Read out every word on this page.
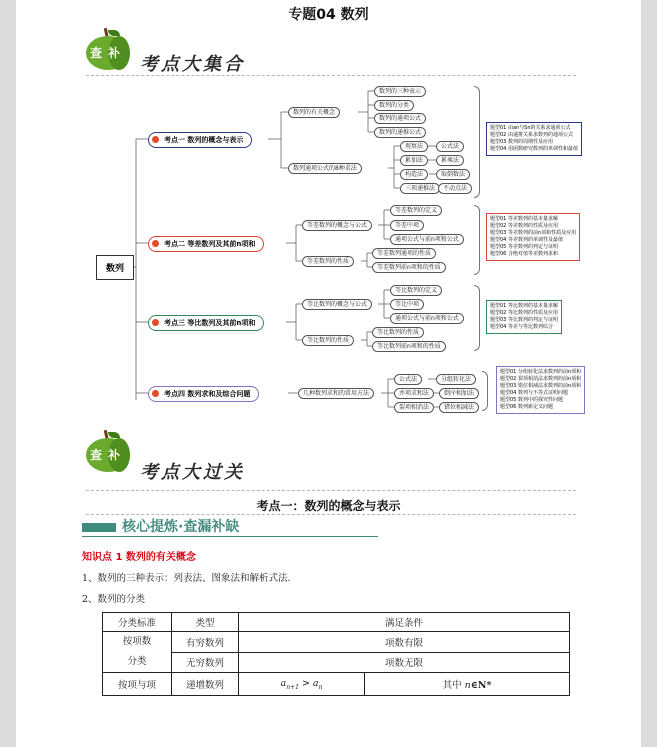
专题04 数列
查补
考点大集合
数列
考点一 数列的概念与表示
数列的有关概念
数列的三种表示
数列的分类
数列的通项公式
数列的递推公式
数列通项公式的8种求法
观察法	公式法
累加法	累乘法
构造法	取倒数法
三项递推法	不动点法
题型01 由an与Sn的关系求通项公式
题型02 由递推关系求数列的通项公式
题型03 数列的周期性及应用
题型04 用函数研究数列的单调性和最值
考点二 等差数列及其前n项和
等差数列的概念与公式
等差数列的定义
等差中项
通项公式与前n项和公式
等差数列的性质
等差数列通项的性质
等差数列前n项和的性质
题型01 等差数列的基本量求解
题型02 等差数列的性质及应用
题型03 等差数列的前n项和性质及应用
题型04 等差数列的单调性及最值
题型05 等差数列的判定与证明
题型06 含绝对值等差数列求和
考点三 等比数列及其前n项和
等比数列的概念与公式
等比数列的定义
等比中项
通项公式与前n项和公式
等比数列的性质
等比数列的性质
等比数列前n项和的性质
题型01 等比数列的基本量求解
题型02 等比数列的性质及应用
题型03 等比数列的判定与证明
题型04 等差与等比数列综合
考点四 数列求和及综合问题	几种数列求和的常用方法
公式法	分组转化法
并项求和法	倒序相加法
裂项相消法	错位相减法
题型01 分组转化法求数列的前n项和
题型02 裂项相消法求数列的前n项和
题型03 错位相减法求数列的前n项和
题型04 数列与不等式证明问题
题型05 数列中的探究性问题
题型06 数列新定义问题
查补
考点大过关
考点一：数列的概念与表示
核心提炼·查漏补缺
知识点 1 数列的有关概念
1、数列的三种表示：列表法、图象法和解析式法.
2、数列的分类
分类标准	类型	满足条件	

按项数
分类	有穷数列	项数有限	
	无穷数列	项数无限	
按项与项	递增数列	$a_{n+1} > a_n$	其中 n∈N*
